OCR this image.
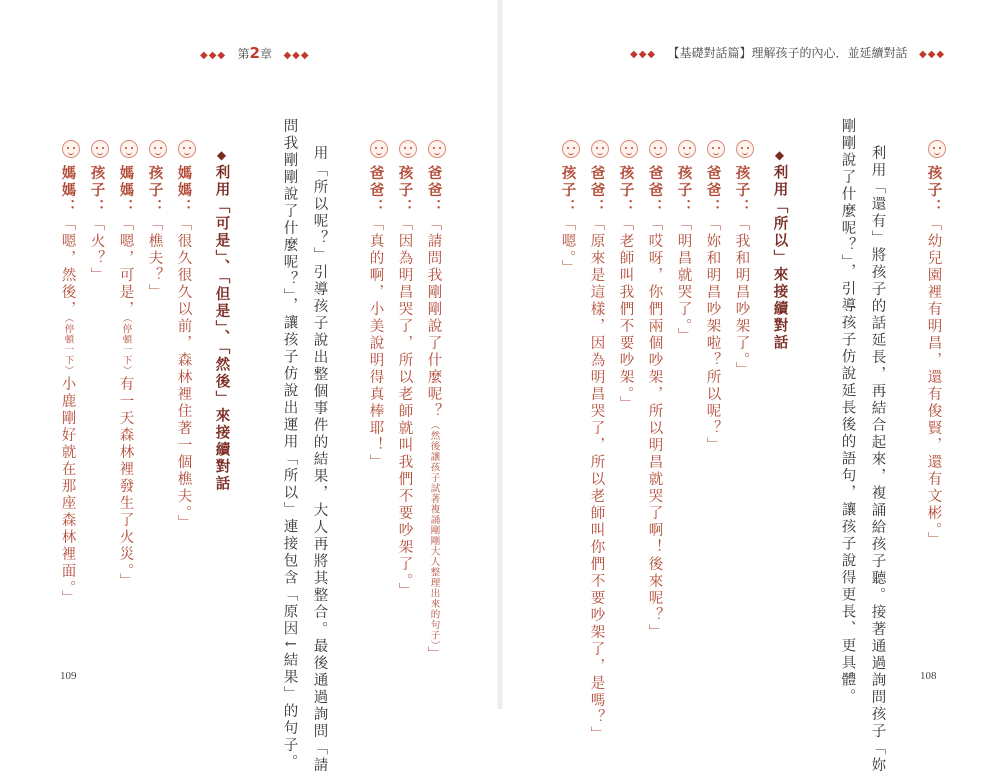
◆◆◆ 第2章 ◆◆◆
爸爸：「請問我剛剛說了什麼呢？（然後讓孩子試著複誦剛剛大人整理出來的句子）」
孩子：「因為明昌哭了，所以老師就叫我們不要吵架了。」
爸爸：「真的啊，小美說明得真棒耶！」
用「所以呢？」引導孩子說出整個事件的結果，大人再將其整合。最後通過詢問「請
問我剛剛說了什麼呢？」，讓孩子仿說出運用「所以」連接包含「原因↓結果」的句子。
◆利用「可是」、「但是」、「然後」來接續對話
媽媽：「很久很久以前，森林裡住著一個樵夫。」
孩子：「樵夫？」
媽媽：「嗯，可是，（停頓一下）有一天森林裡發生了火災。」
孩子：「火？」
媽媽：「嗯，然後，（停頓一下）小鹿剛好就在那座森林裡面。」
109
◆◆◆ 【基礎對話篇】理解孩子的內心．並延續對話 ◆◆◆
孩子：「幼兒園裡有明昌，還有俊賢，還有文彬。」
利用「還有」將孩子的話延長，再結合起來，複誦給孩子聽。接著通過詢問孩子「妳
剛剛說了什麼呢？」，引導孩子仿說延長後的語句，讓孩子說得更長、更具體。
◆利用「所以」來接續對話
孩子：「我和明昌吵架了。」
爸爸：「妳和明昌吵架啦？所以呢？」
孩子：「明昌就哭了。」
爸爸：「哎呀，你們兩個吵架，所以明昌就哭了啊！後來呢？」
孩子：「老師叫我們不要吵架。」
爸爸：「原來是這樣，因為明昌哭了，所以老師叫你們不要吵架了，是嗎？」
孩子：「嗯。」
108
